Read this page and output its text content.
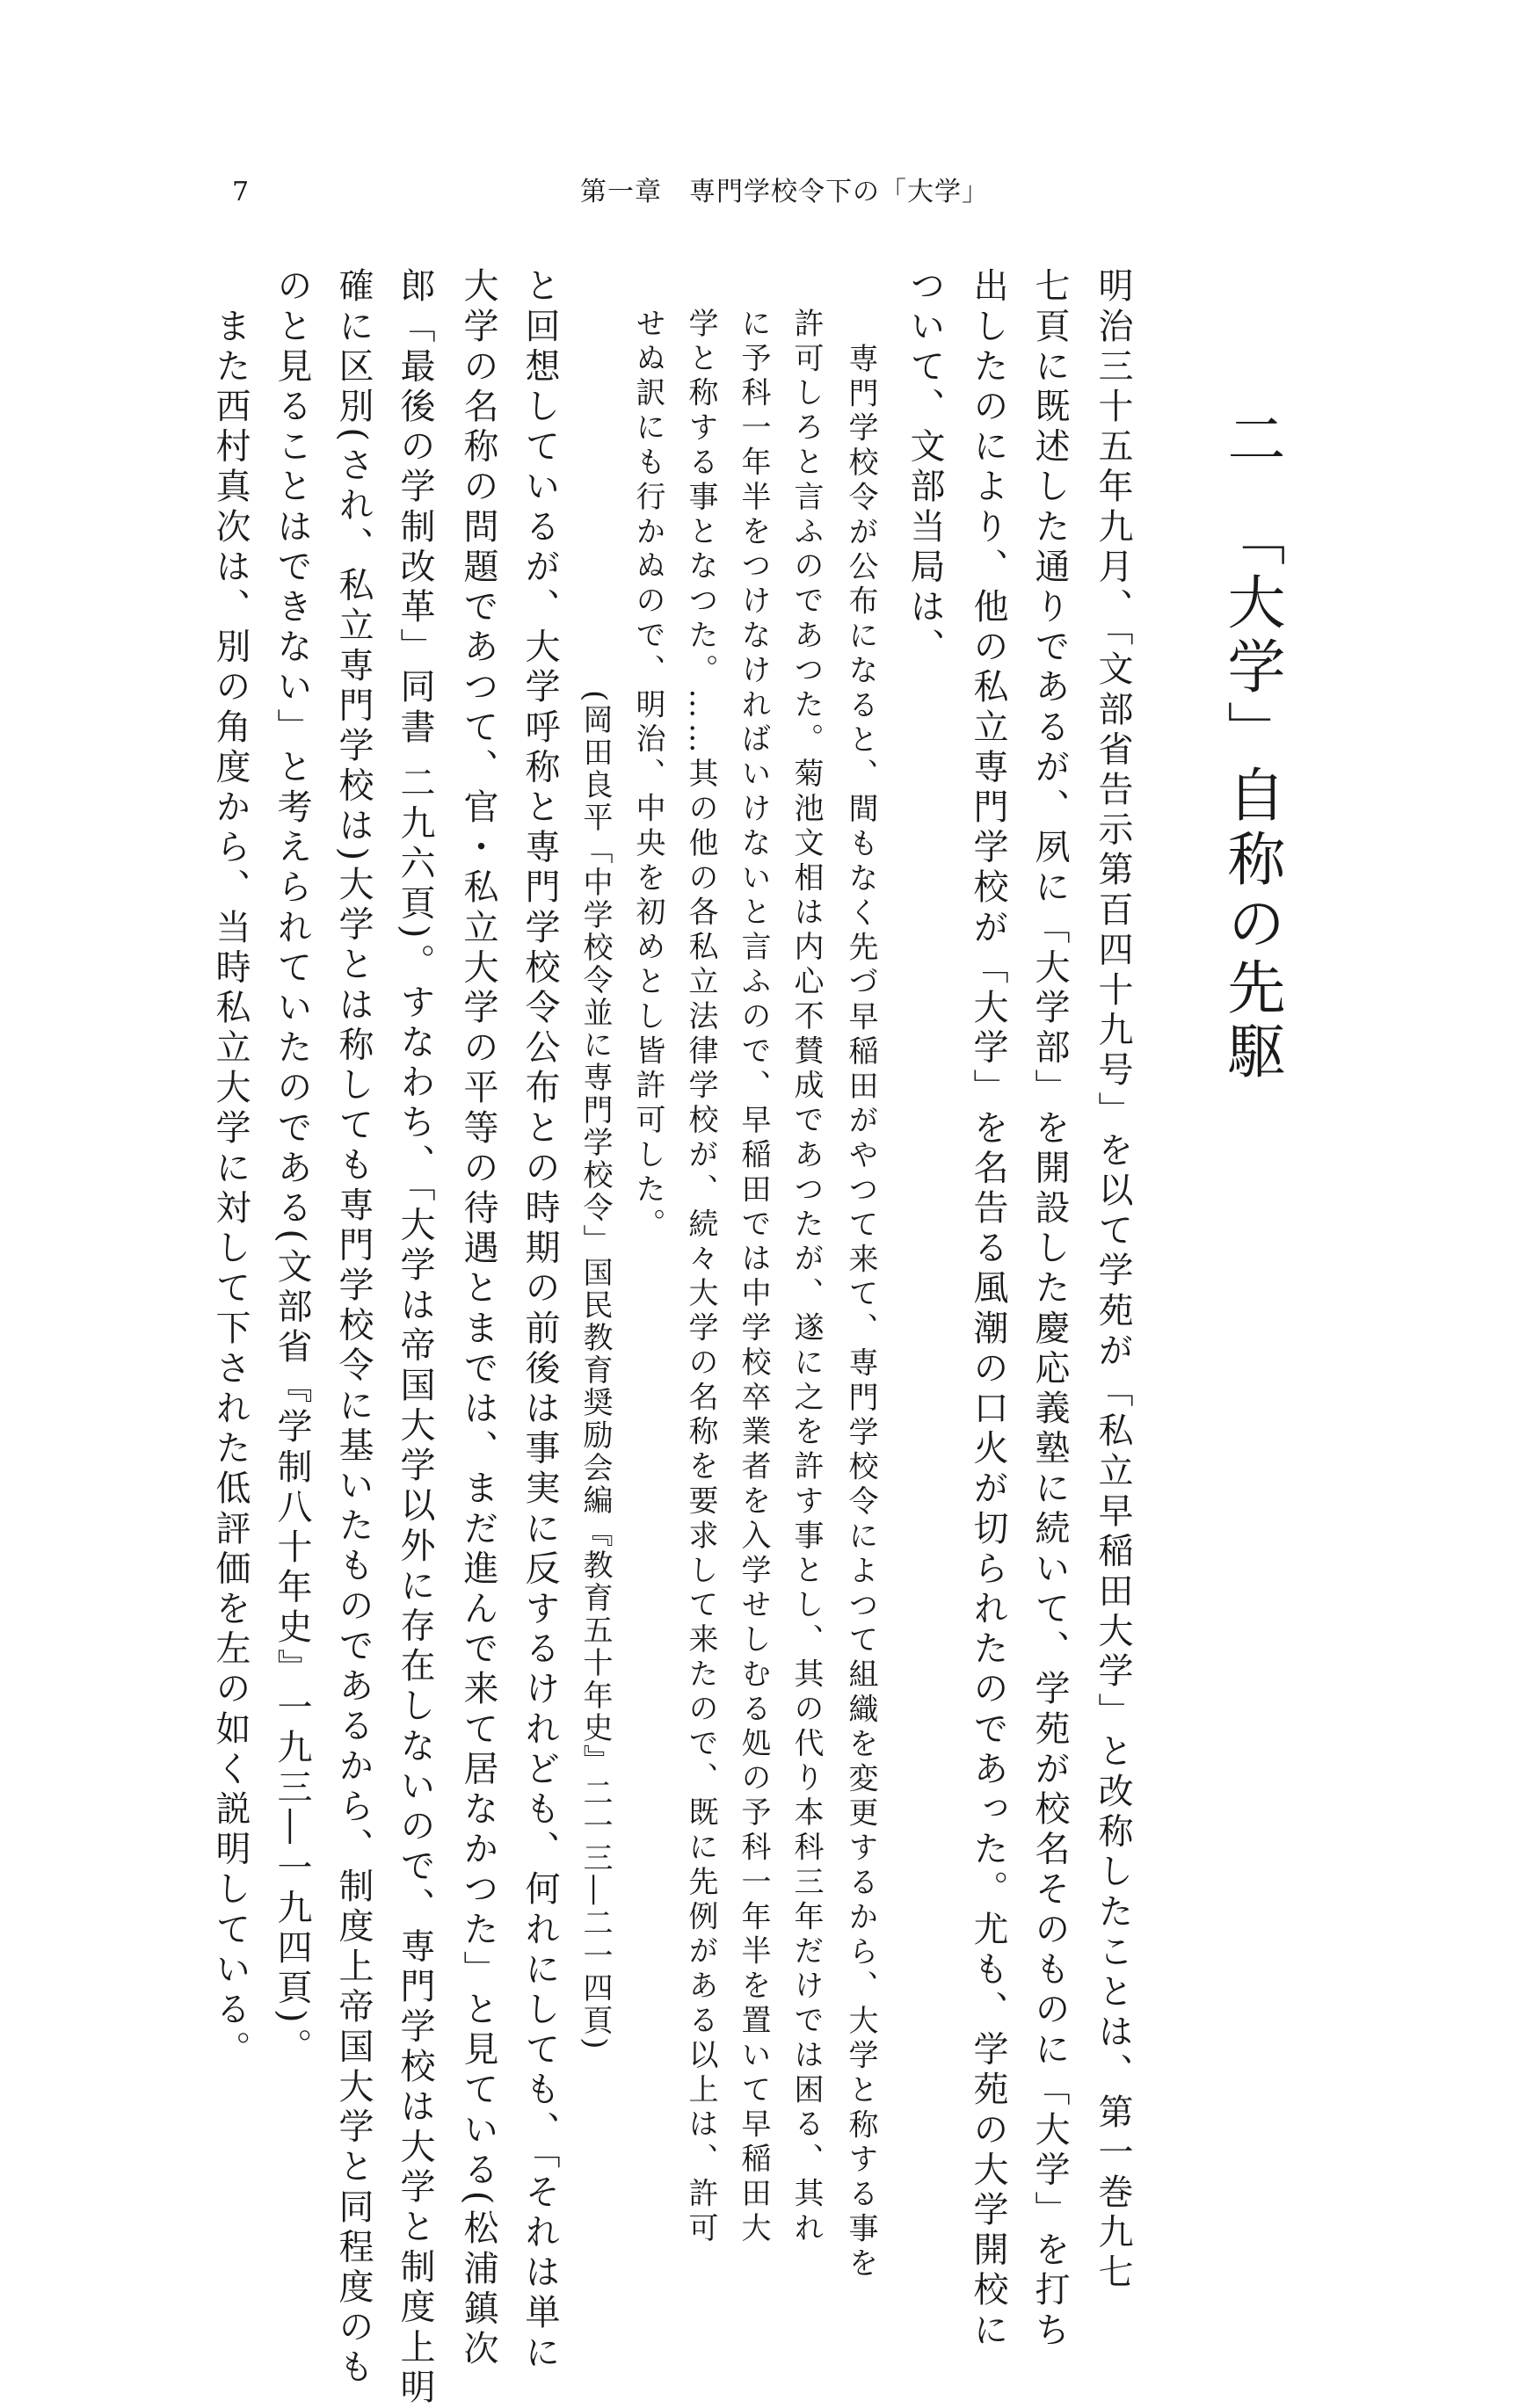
7	第一章　専門学校令下の「大学」
二　「大学」自称の先駆
明治三十五年九月、「文部省告示第百四十九号」を以て学苑が「私立早稲田大学」と改称したことは、第一巻九七
七頁に既述した通りであるが、夙に「大学部」を開設した慶応義塾に続いて、学苑が校名そのものに「大学」を打ち
出したのにより、他の私立専門学校が「大学」を名告る風潮の口火が切られたのであった。尤も、学苑の大学開校に
ついて、文部当局は、
専門学校令が公布になると、間もなく先づ早稲田がやつて来て、専門学校令によつて組織を変更するから、大学と称する事を
許可しろと言ふのであつた。菊池文相は内心不賛成であつたが、遂に之を許す事とし、其の代り本科三年だけでは困る、其れ
に予科一年半をつけなければいけないと言ふので、早稲田では中学校卒業者を入学せしむる処の予科一年半を置いて早稲田大
学と称する事となつた。……其の他の各私立法律学校が、続々大学の名称を要求して来たので、既に先例がある以上は、許可
せぬ訳にも行かぬので、明治、中央を初めとし皆許可した。
(岡田良平「中学校令並に専門学校令」国民教育奨励会編『教育五十年史』二一三―二一四頁)
と回想しているが、大学呼称と専門学校令公布との時期の前後は事実に反するけれども、何れにしても、「それは単に
大学の名称の問題であつて、官・私立大学の平等の待遇とまでは、まだ進んで来て居なかつた」と見ている(松浦鎮次
郎「最後の学制改革」同書 二九六頁)。すなわち、「大学は帝国大学以外に存在しないので、専門学校は大学と制度上明
確に区別(され、私立専門学校は)大学とは称しても専門学校令に基いたものであるから、制度上帝国大学と同程度のも
のと見ることはできない」と考えられていたのである(文部省『学制八十年史』一九三―一九四頁)。
　また西村真次は、別の角度から、当時私立大学に対して下された低評価を左の如く説明している。
